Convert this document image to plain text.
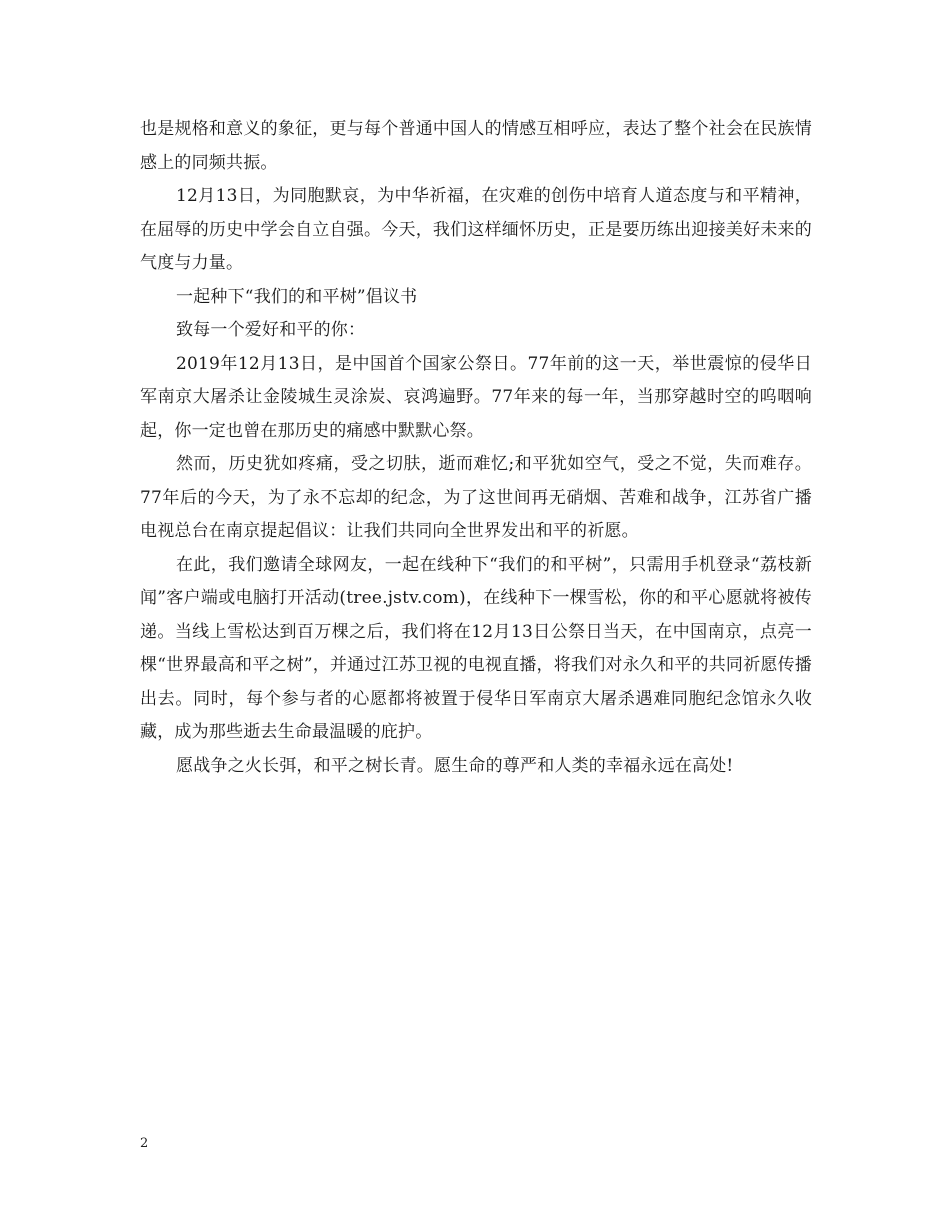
也是规格和意义的象征，更与每个普通中国人的情感互相呼应，表达了整个社会在民族情感上的同频共振。

12月13日，为同胞默哀，为中华祈福，在灾难的创伤中培育人道态度与和平精神，在屈辱的历史中学会自立自强。今天，我们这样缅怀历史，正是要历练出迎接美好未来的气度与力量。

一起种下“我们的和平树”倡议书

致每一个爱好和平的你：

2019年12月13日，是中国首个国家公祭日。77年前的这一天，举世震惊的侵华日军南京大屠杀让金陵城生灵涂炭、哀鸿遍野。77年来的每一年，当那穿越时空的呜咽响起，你一定也曾在那历史的痛感中默默心祭。

然而，历史犹如疼痛，受之切肤，逝而难忆;和平犹如空气，受之不觉，失而难存。77年后的今天，为了永不忘却的纪念，为了这世间再无硝烟、苦难和战争，江苏省广播电视总台在南京提起倡议：让我们共同向全世界发出和平的祈愿。

在此，我们邀请全球网友，一起在线种下“我们的和平树”，只需用手机登录“荔枝新闻”客户端或电脑打开活动(tree.jstv.com)，在线种下一棵雪松，你的和平心愿就将被传递。当线上雪松达到百万棵之后，我们将在12月13日公祭日当天，在中国南京，点亮一棵“世界最高和平之树”，并通过江苏卫视的电视直播，将我们对永久和平的共同祈愿传播出去。同时，每个参与者的心愿都将被置于侵华日军南京大屠杀遇难同胞纪念馆永久收藏，成为那些逝去生命最温暖的庇护。

愿战争之火长弭，和平之树长青。愿生命的尊严和人类的幸福永远在高处!

2
